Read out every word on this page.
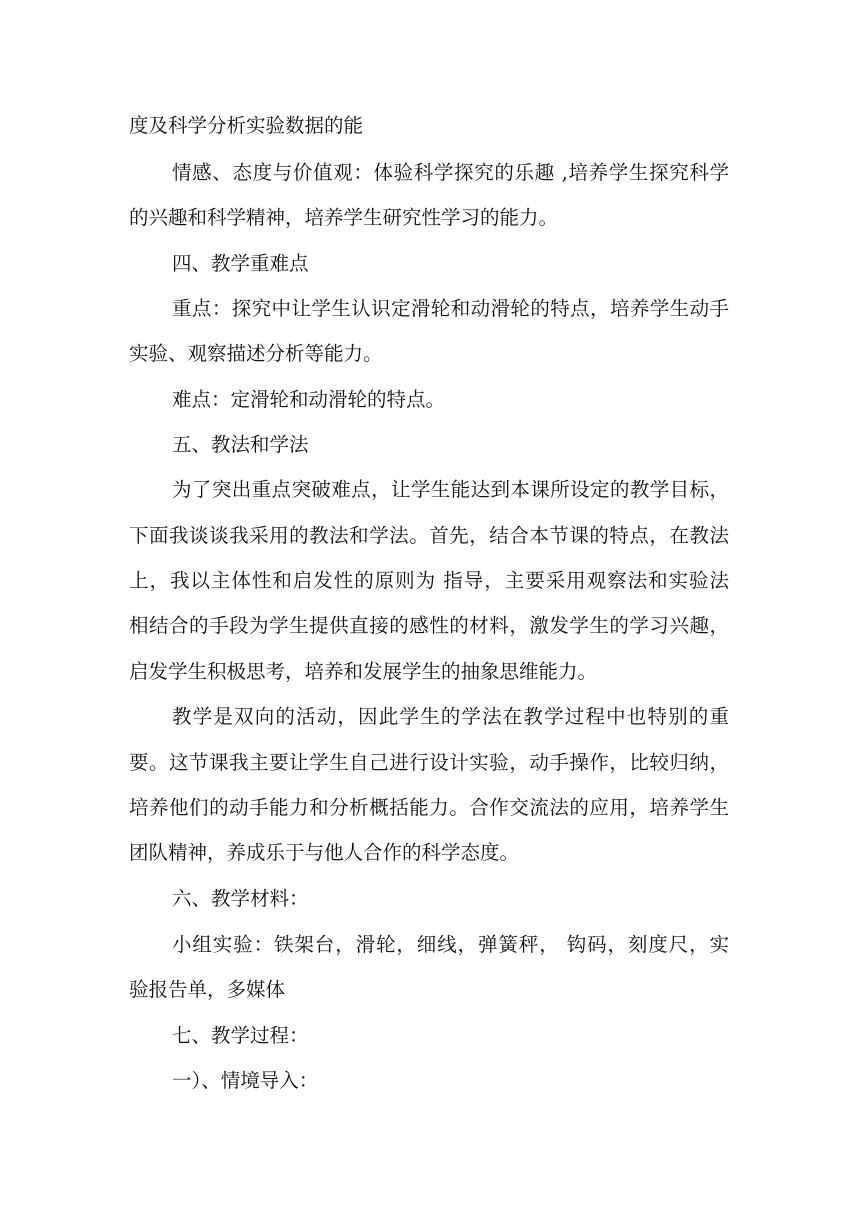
度及科学分析实验数据的能
情感、态度与价值观：体验科学探究的乐趣 ,培养学生探究科学
的兴趣和科学精神，培养学生研究性学习的能力。
四、教学重难点
重点：探究中让学生认识定滑轮和动滑轮的特点，培养学生动手
实验、观察描述分析等能力。
难点：定滑轮和动滑轮的特点。
五、教法和学法
为了突出重点突破难点，让学生能达到本课所设定的教学目标，
下面我谈谈我采用的教法和学法。首先，结合本节课的特点，在教法
上，我以主体性和启发性的原则为 指导，主要采用观察法和实验法
相结合的手段为学生提供直接的感性的材料，激发学生的学习兴趣，
启发学生积极思考，培养和发展学生的抽象思维能力。
教学是双向的活动，因此学生的学法在教学过程中也特别的重
要。这节课我主要让学生自己进行设计实验，动手操作，比较归纳，
培养他们的动手能力和分析概括能力。合作交流法的应用，培养学生
团队精神，养成乐于与他人合作的科学态度。
六、教学材料：
小组实验：铁架台，滑轮，细线，弹簧秤， 钩码，刻度尺，实
验报告单，多媒体
七、教学过程：
一）、情境导入：
